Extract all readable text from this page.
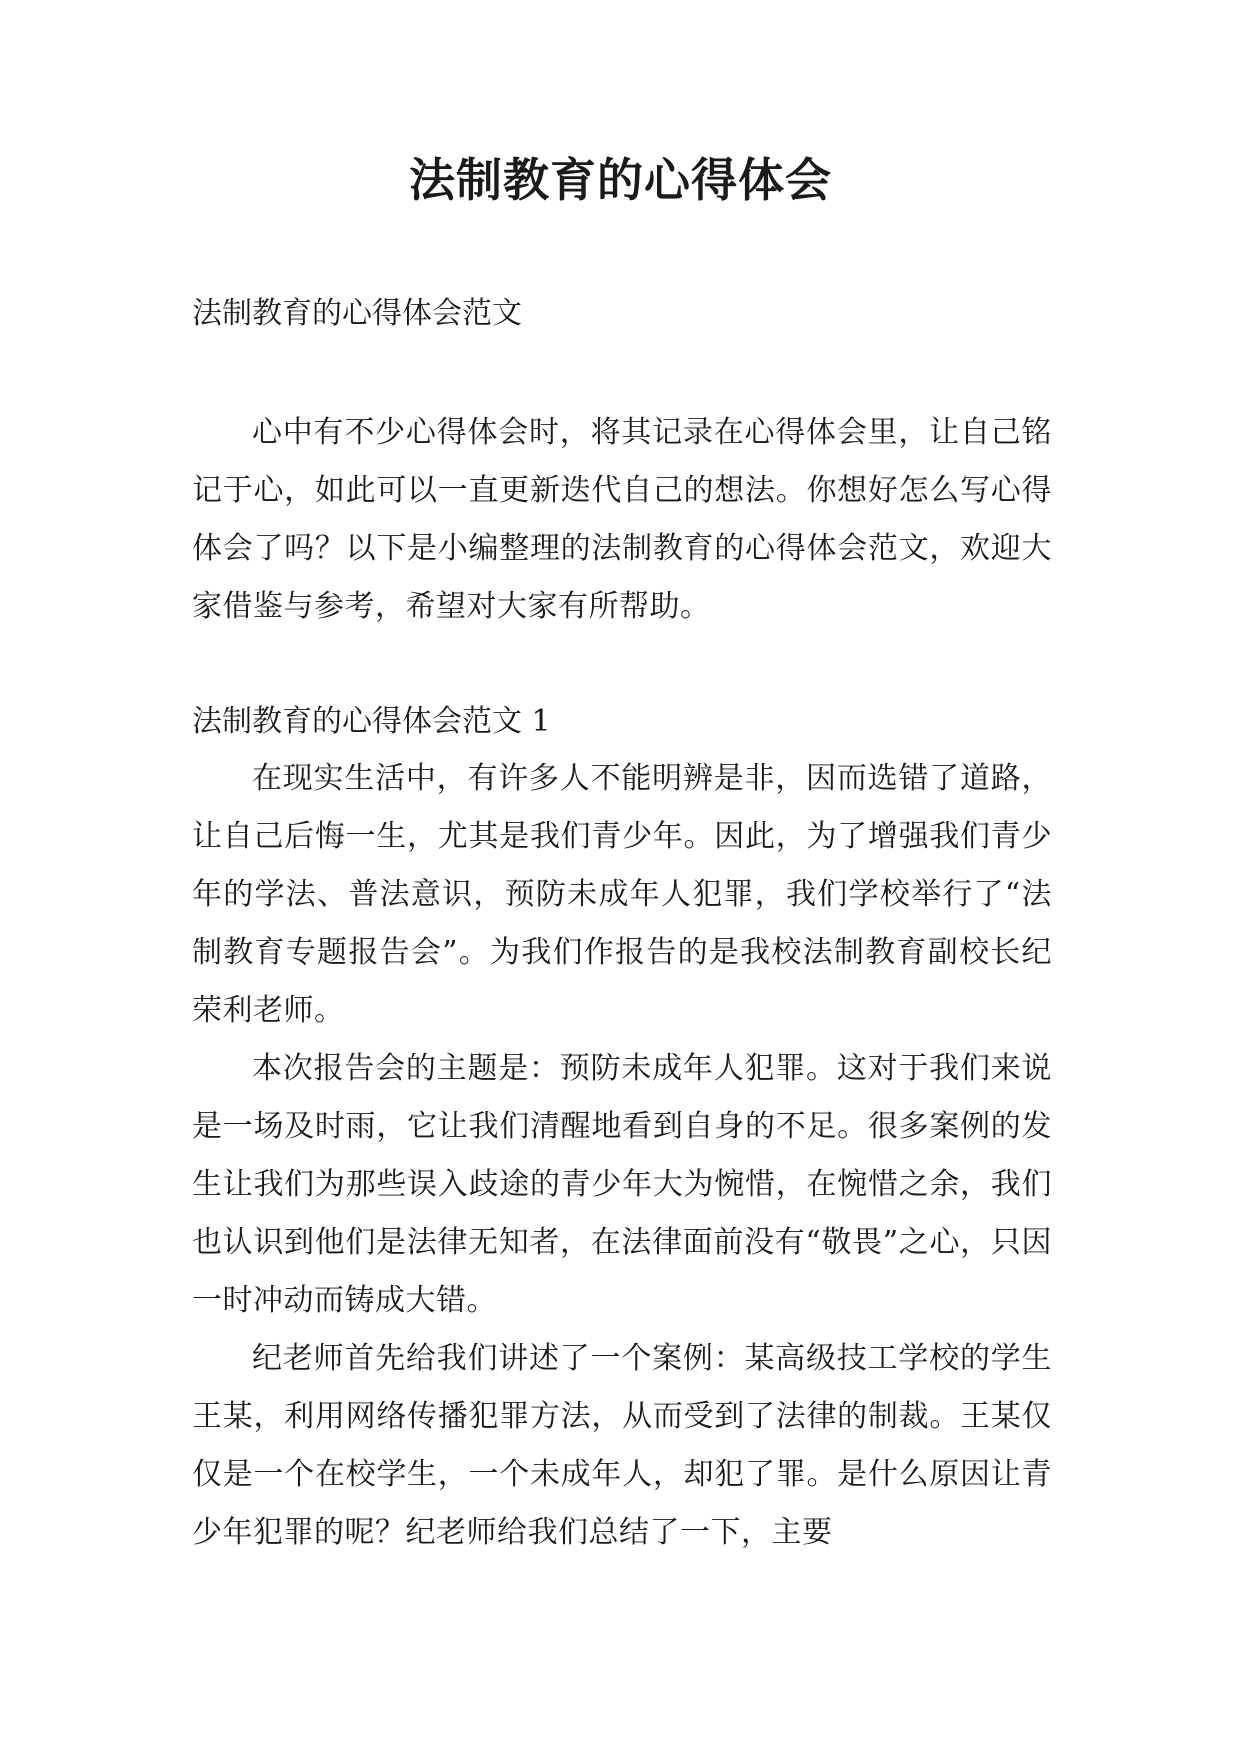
法制教育的心得体会
法制教育的心得体会范文

心中有不少心得体会时，将其记录在心得体会里，让自己铭记于心，如此可以一直更新迭代自己的想法。你想好怎么写心得体会了吗？以下是小编整理的法制教育的心得体会范文，欢迎大家借鉴与参考，希望对大家有所帮助。

法制教育的心得体会范文 1

在现实生活中，有许多人不能明辨是非，因而选错了道路，让自己后悔一生，尤其是我们青少年。因此，为了增强我们青少年的学法、普法意识，预防未成年人犯罪，我们学校举行了“法制教育专题报告会”。为我们作报告的是我校法制教育副校长纪荣利老师。

本次报告会的主题是：预防未成年人犯罪。这对于我们来说是一场及时雨，它让我们清醒地看到自身的不足。很多案例的发生让我们为那些误入歧途的青少年大为惋惜，在惋惜之余，我们也认识到他们是法律无知者，在法律面前没有“敬畏”之心，只因一时冲动而铸成大错。

纪老师首先给我们讲述了一个案例：某高级技工学校的学生王某，利用网络传播犯罪方法，从而受到了法律的制裁。王某仅仅是一个在校学生，一个未成年人，却犯了罪。是什么原因让青少年犯罪的呢？纪老师给我们总结了一下，主要
